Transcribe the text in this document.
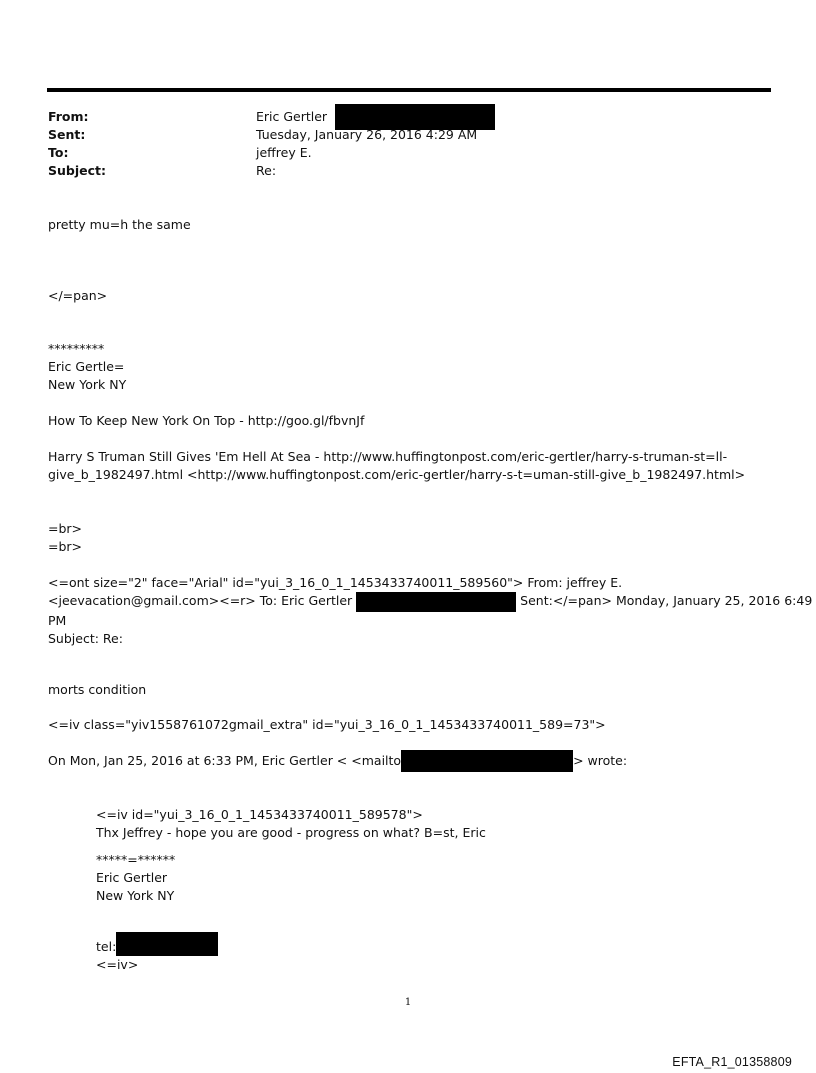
From:	Eric Gertler
Sent:	Tuesday, January 26, 2016 4:29 AM
To:	jeffrey E.
Subject:	Re:
pretty mu=h the same
</=pan>
*********
Eric Gertle=
New York NY
How To Keep New York On Top - http://goo.gl/fbvnJf
Harry S Truman Still Gives 'Em Hell At Sea - http://www.huffingtonpost.com/eric-gertler/harry-s-truman-st=ll-
give_b_1982497.html <http://www.huffingtonpost.com/eric-gertler/harry-s-t=uman-still-give_b_1982497.html>
=br>
=br>
<=ont size="2" face="Arial" id="yui_3_16_0_1_1453433740011_589560"> From: jeffrey E.
<jeevacation@gmail.com><=r> To: Eric Gertler	Sent:</=pan> Monday, January 25, 2016 6:49
PM
Subject: Re:
morts condition
<=iv class="yiv1558761072gmail_extra" id="yui_3_16_0_1_1453433740011_589=73">
On Mon, Jan 25, 2016 at 6:33 PM, Eric Gertler < <mailto	> wrote:
<=iv id="yui_3_16_0_1_1453433740011_589578">
Thx Jeffrey - hope you are good - progress on what? B=st, Eric
*****=******
Eric Gertler
New York NY
tel:
<=iv>
1
EFTA_R1_01358809
